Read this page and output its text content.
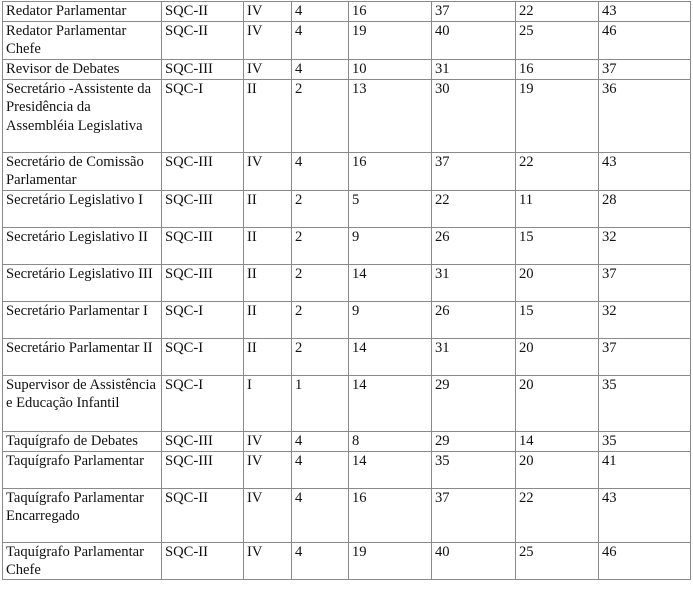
Redator Parlamentar	SQC-II	IV	4	16	37	22	43
Redator Parlamentar Chefe	SQC-II	IV	4	19	40	25	46
Revisor de Debates	SQC-III	IV	4	10	31	16	37
Secretário -Assistente da Presidência da Assembléia Legislativa	SQC-I	II	2	13	30	19	36
Secretário de Comissão Parlamentar	SQC-III	IV	4	16	37	22	43
Secretário Legislativo I	SQC-III	II	2	5	22	11	28
Secretário Legislativo II	SQC-III	II	2	9	26	15	32
Secretário Legislativo III	SQC-III	II	2	14	31	20	37
Secretário Parlamentar I	SQC-I	II	2	9	26	15	32
Secretário Parlamentar II	SQC-I	II	2	14	31	20	37
Supervisor de Assistência e Educação Infantil	SQC-I	I	1	14	29	20	35
Taquígrafo de Debates	SQC-III	IV	4	8	29	14	35
Taquígrafo Parlamentar	SQC-III	IV	4	14	35	20	41
Taquígrafo Parlamentar Encarregado	SQC-II	IV	4	16	37	22	43
Taquígrafo Parlamentar Chefe	SQC-II	IV	4	19	40	25	46
